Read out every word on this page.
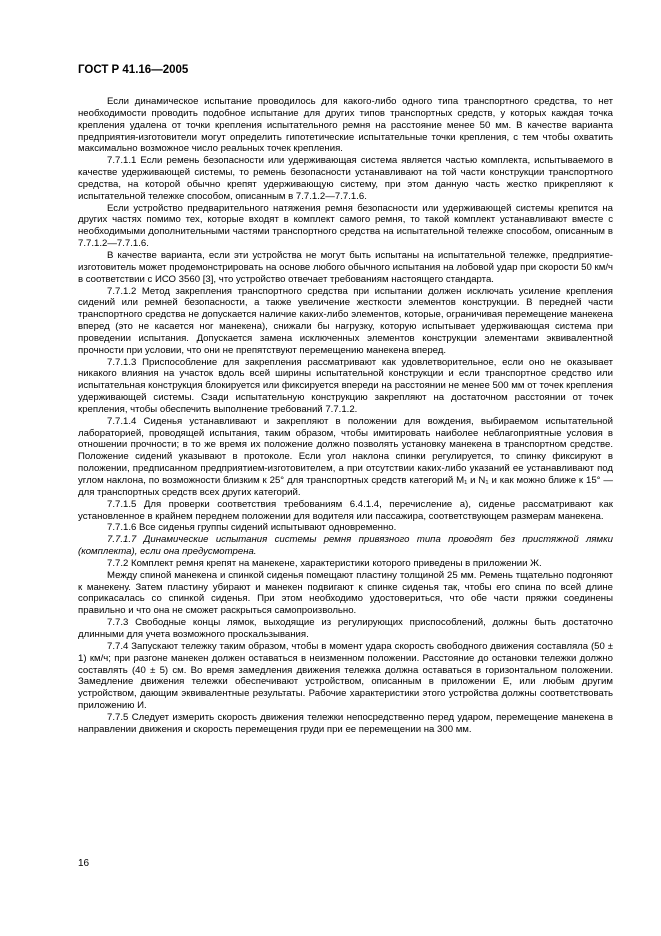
ГОСТ Р 41.16—2005

Если динамическое испытание проводилось для какого-либо одного типа транспортного средства, то нет необходимости проводить подобное испытание для других типов транспортных средств, у которых каждая точка крепления удалена от точки крепления испытательного ремня на расстояние менее 50 мм. В качестве варианта предприятия-изготовители могут определить гипотетические испытательные точки крепления, с тем чтобы охватить максимально возможное число реальных точек крепления.

7.7.1.1 Если ремень безопасности или удерживающая система является частью комплекта, испытываемого в качестве удерживающей системы, то ремень безопасности устанавливают на той части конструкции транспортного средства, на которой обычно крепят удерживающую систему, при этом данную часть жестко прикрепляют к испытательной тележке способом, описанным в 7.7.1.2—7.7.1.6.

Если устройство предварительного натяжения ремня безопасности или удерживающей системы крепится на других частях помимо тех, которые входят в комплект самого ремня, то такой комплект устанавливают вместе с необходимыми дополнительными частями транспортного средства на испытательной тележке способом, описанным в 7.7.1.2—7.7.1.6.

В качестве варианта, если эти устройства не могут быть испытаны на испытательной тележке, предприятие-изготовитель может продемонстрировать на основе любого обычного испытания на лобовой удар при скорости 50 км/ч в соответствии с ИСО 3560 [3], что устройство отвечает требованиям настоящего стандарта.

7.7.1.2 Метод закрепления транспортного средства при испытании должен исключать усиление крепления сидений или ремней безопасности, а также увеличение жесткости элементов конструкции. В передней части транспортного средства не допускается наличие каких-либо элементов, которые, ограничивая перемещение манекена вперед (это не касается ног манекена), снижали бы нагрузку, которую испытывает удерживающая система при проведении испытания. Допускается замена исключенных элементов конструкции элементами эквивалентной прочности при условии, что они не препятствуют перемещению манекена вперед.

7.7.1.3 Приспособление для закрепления рассматривают как удовлетворительное, если оно не оказывает никакого влияния на участок вдоль всей ширины испытательной конструкции и если транспортное средство или испытательная конструкция блокируется или фиксируется впереди на расстоянии не менее 500 мм от точек крепления удерживающей системы. Сзади испытательную конструкцию закрепляют на достаточном расстоянии от точек крепления, чтобы обеспечить выполнение требований 7.7.1.2.

7.7.1.4 Сиденья устанавливают и закрепляют в положении для вождения, выбираемом испытательной лабораторией, проводящей испытания, таким образом, чтобы имитировать наиболее неблагоприятные условия в отношении прочности; в то же время их положение должно позволять установку манекена в транспортном средстве. Положение сидений указывают в протоколе. Если угол наклона спинки регулируется, то спинку фиксируют в положении, предписанном предприятием-изготовителем, а при отсутствии каких-либо указаний ее устанавливают под углом наклона, по возможности близким к 25° для транспортных средств категорий M₁ и N₁ и как можно ближе к 15° — для транспортных средств всех других категорий.

7.7.1.5 Для проверки соответствия требованиям 6.4.1.4, перечисление а), сиденье рассматривают как установленное в крайнем переднем положении для водителя или пассажира, соответствующем размерам манекена.

7.7.1.6 Все сиденья группы сидений испытывают одновременно.

7.7.1.7 Динамические испытания системы ремня привязного типа проводят без пристяжной лямки (комплекта), если она предусмотрена.

7.7.2 Комплект ремня крепят на манекене, характеристики которого приведены в приложении Ж.

Между спиной манекена и спинкой сиденья помещают пластину толщиной 25 мм. Ремень тщательно подгоняют к манекену. Затем пластину убирают и манекен подвигают к спинке сиденья так, чтобы его спина по всей длине соприкасалась со спинкой сиденья. При этом необходимо удостовериться, что обе части пряжки соединены правильно и что она не сможет раскрыться самопроизвольно.

7.7.3 Свободные концы лямок, выходящие из регулирующих приспособлений, должны быть достаточно длинными для учета возможного проскальзывания.

7.7.4 Запускают тележку таким образом, чтобы в момент удара скорость свободного движения составляла (50 ± 1) км/ч; при разгоне манекен должен оставаться в неизменном положении. Расстояние до остановки тележки должно составлять (40 ± 5) см. Во время замедления движения тележка должна оставаться в горизонтальном положении. Замедление движения тележки обеспечивают устройством, описанным в приложении Е, или любым другим устройством, дающим эквивалентные результаты. Рабочие характеристики этого устройства должны соответствовать приложению И.

7.7.5 Следует измерить скорость движения тележки непосредственно перед ударом, перемещение манекена в направлении движения и скорость перемещения груди при ее перемещении на 300 мм.

16
